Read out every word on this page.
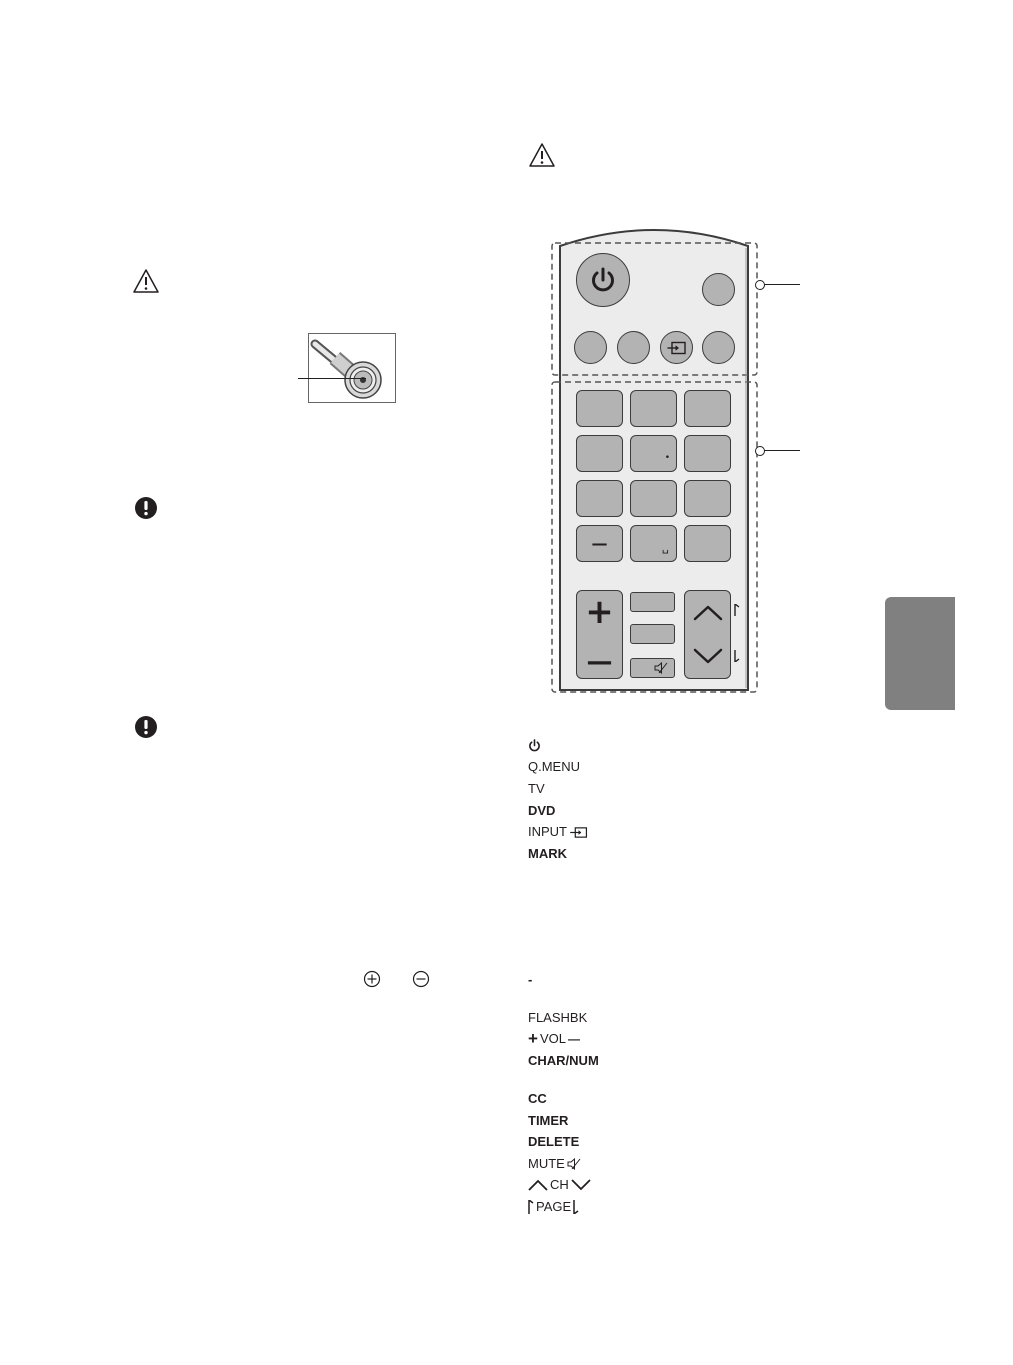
•
—	␣
+
—
Q.MENU
TV
DVD
INPUT
MARK
-
FLASHBK
+ VOL —
CHAR/NUM
CC
TIMER
DELETE
MUTE
CH
PAGE
